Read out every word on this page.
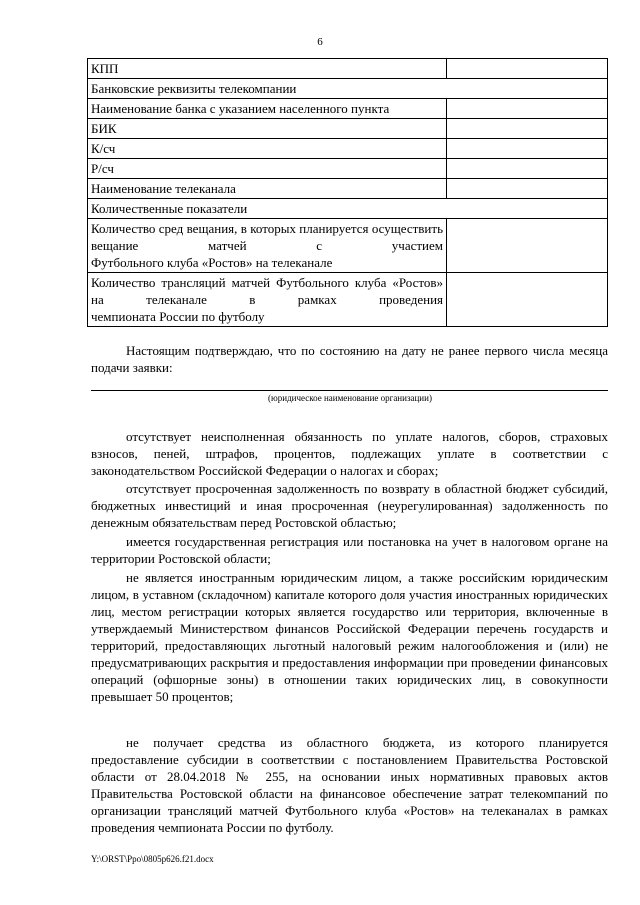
6
КПП	
Банковские реквизиты телекомпании	
Наименование банка с указанием населенного пункта	
БИК	
К/сч	
Р/сч	
Наименование телеканала	
Количественные показатели	
Количество сред вещания, в которых планируется осуществить вещание матчей с участием
Футбольного клуба «Ростов» на телеканале	

Количество трансляций матчей Футбольного клуба «Ростов» на телеканале в рамках проведения
чемпионата России по футболу	

Настоящим подтверждаю, что по состоянию на дату не ранее первого числа месяца подачи заявки:
(юридическое наименование организации)
отсутствует неисполненная обязанность по уплате налогов, сборов, страховых взносов, пеней, штрафов, процентов, подлежащих уплате в соответствии с законодательством Российской Федерации о налогах и сборах;
отсутствует просроченная задолженность по возврату в областной бюджет субсидий, бюджетных инвестиций и иная просроченная (неурегулированная) задолженность по денежным обязательствам перед Ростовской областью;
имеется государственная регистрация или постановка на учет в налоговом органе на территории Ростовской области;
не является иностранным юридическим лицом, а также российским юридическим лицом, в уставном (складочном) капитале которого доля участия иностранных юридических лиц, местом регистрации которых является государство или территория, включенные в утверждаемый Министерством финансов Российской Федерации перечень государств и территорий, предоставляющих льготный налоговый режим налогообложения и (или) не предусматривающих раскрытия и предоставления информации при проведении финансовых операций (офшорные зоны) в отношении таких юридических лиц, в совокупности превышает 50 процентов;
не получает средства из областного бюджета, из которого планируется предоставление субсидии в соответствии с постановлением Правительства Ростовской области от 28.04.2018 № 255, на основании иных нормативных правовых актов Правительства Ростовской области на финансовое обеспечение затрат телекомпаний по организации трансляций матчей Футбольного клуба «Ростов» на телеканалах в рамках проведения чемпионата России по футболу.
Y:\ORST\Ppo\0805p626.f21.docx
